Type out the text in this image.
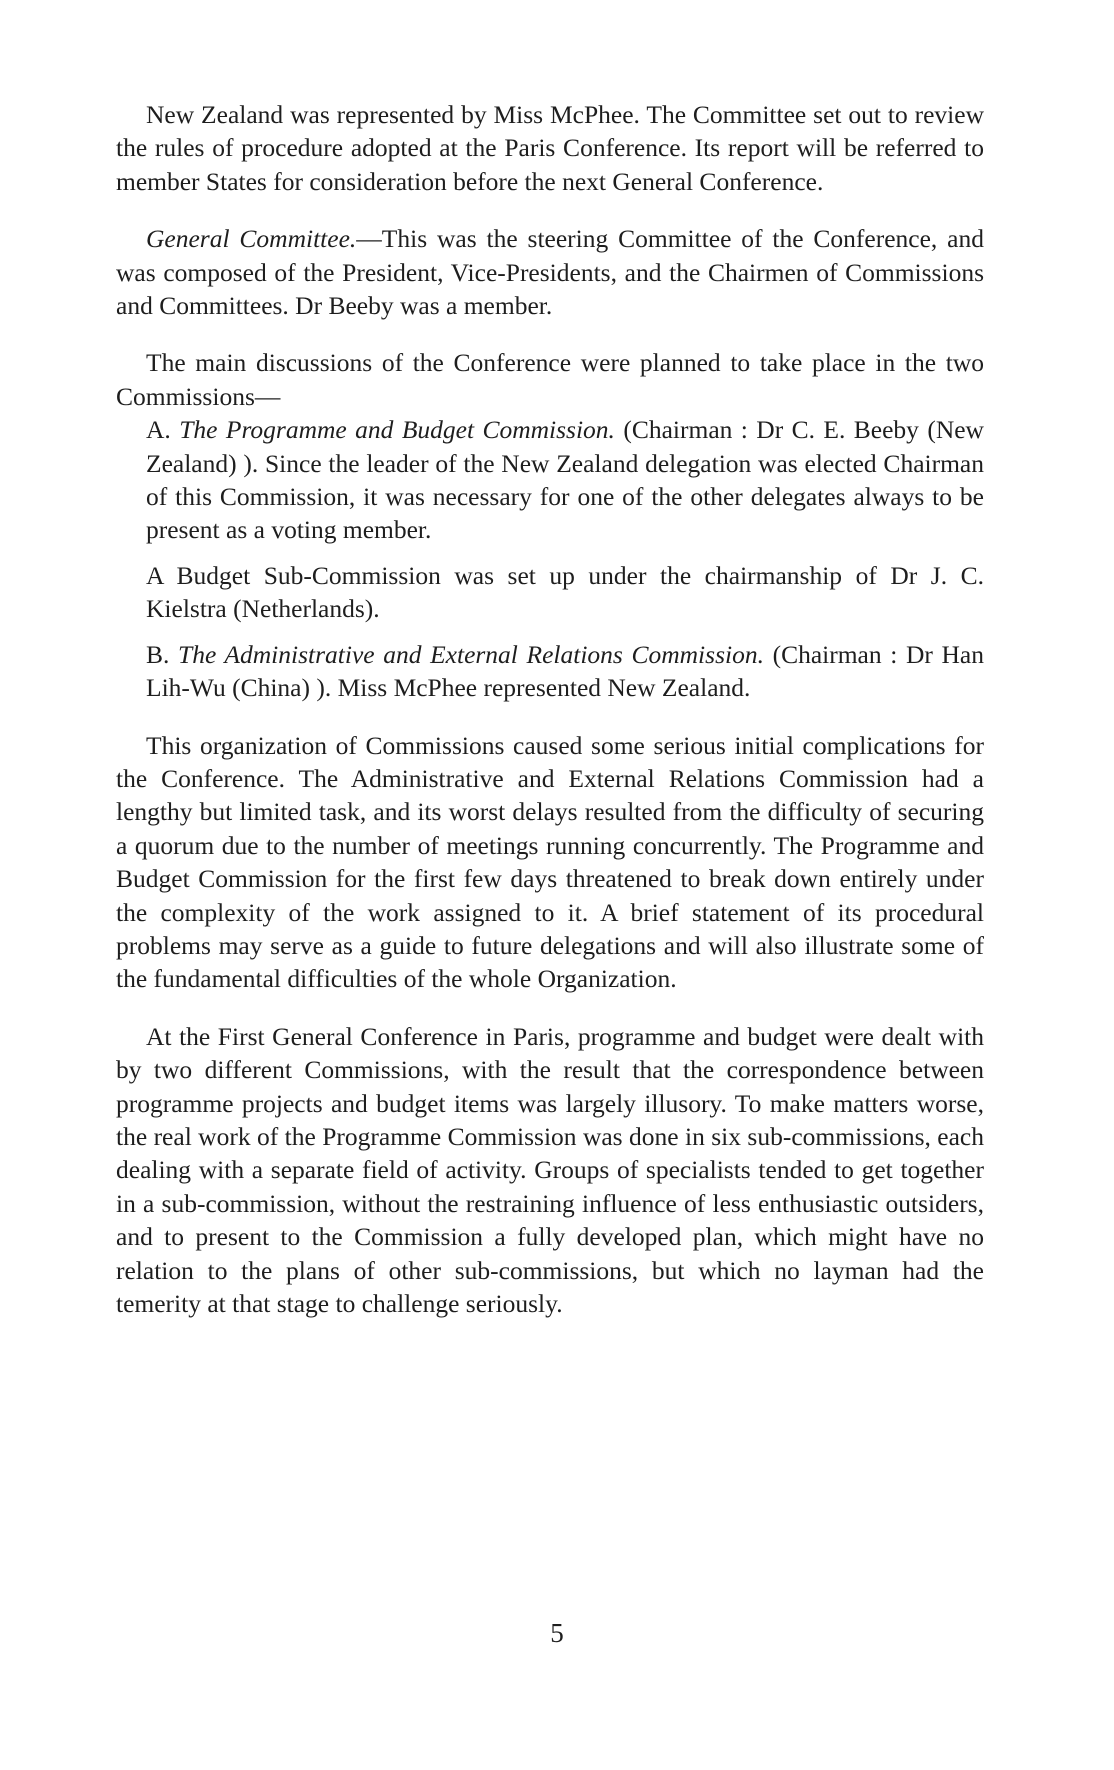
New Zealand was represented by Miss McPhee. The Committee set out to review the rules of procedure adopted at the Paris Conference. Its report will be referred to member States for consideration before the next General Conference.

General Committee.—This was the steering Committee of the Conference, and was composed of the President, Vice-Presidents, and the Chairmen of Commissions and Committees. Dr Beeby was a member.

The main discussions of the Conference were planned to take place in the two Commissions—

A. The Programme and Budget Commission. (Chairman : Dr C. E. Beeby (New Zealand) ). Since the leader of the New Zealand delegation was elected Chairman of this Commission, it was necessary for one of the other delegates always to be present as a voting member.

A Budget Sub-Commission was set up under the chairmanship of Dr J. C. Kielstra (Netherlands).

B. The Administrative and External Relations Commission. (Chairman : Dr Han Lih-Wu (China) ). Miss McPhee represented New Zealand.

This organization of Commissions caused some serious initial complications for the Conference. The Administrative and External Relations Commission had a lengthy but limited task, and its worst delays resulted from the difficulty of securing a quorum due to the number of meetings running concurrently. The Programme and Budget Commission for the first few days threatened to break down entirely under the complexity of the work assigned to it. A brief statement of its procedural problems may serve as a guide to future delegations and will also illustrate some of the fundamental difficulties of the whole Organization.

At the First General Conference in Paris, programme and budget were dealt with by two different Commissions, with the result that the correspondence between programme projects and budget items was largely illusory. To make matters worse, the real work of the Programme Commission was done in six sub-commissions, each dealing with a separate field of activity. Groups of specialists tended to get together in a sub-commission, without the restraining influence of less enthusiastic outsiders, and to present to the Commission a fully developed plan, which might have no relation to the plans of other sub-commissions, but which no layman had the temerity at that stage to challenge seriously.

5
